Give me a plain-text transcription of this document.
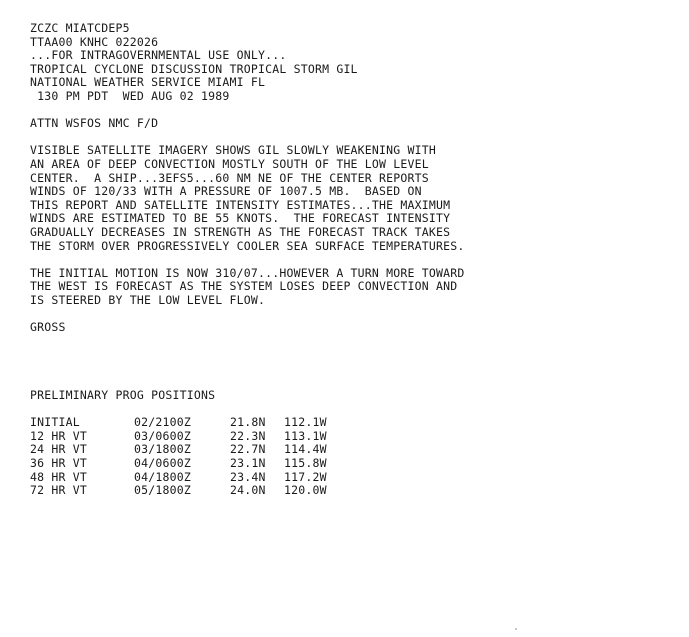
ZCZC MIATCDEP5
TTAA00 KNHC 022026
...FOR INTRAGOVERNMENTAL USE ONLY...
TROPICAL CYCLONE DISCUSSION TROPICAL STORM GIL
NATIONAL WEATHER SERVICE MIAMI FL
130 PM PDT  WED AUG 02 1989
ATTN WSFOS NMC F/D
VISIBLE SATELLITE IMAGERY SHOWS GIL SLOWLY WEAKENING WITH
AN AREA OF DEEP CONVECTION MOSTLY SOUTH OF THE LOW LEVEL
CENTER.  A SHIP...3EFS5...60 NM NE OF THE CENTER REPORTS
WINDS OF 120/33 WITH A PRESSURE OF 1007.5 MB.  BASED ON
THIS REPORT AND SATELLITE INTENSITY ESTIMATES...THE MAXIMUM
WINDS ARE ESTIMATED TO BE 55 KNOTS.  THE FORECAST INTENSITY
GRADUALLY DECREASES IN STRENGTH AS THE FORECAST TRACK TAKES
THE STORM OVER PROGRESSIVELY COOLER SEA SURFACE TEMPERATURES.
THE INITIAL MOTION IS NOW 310/07...HOWEVER A TURN MORE TOWARD
THE WEST IS FORECAST AS THE SYSTEM LOSES DEEP CONVECTION AND
IS STEERED BY THE LOW LEVEL FLOW.
GROSS
PRELIMINARY PROG POSITIONS
INITIAL	02/2100Z	21.8N	112.1W
12 HR VT	03/0600Z	22.3N	113.1W
24 HR VT	03/1800Z	22.7N	114.4W
36 HR VT	04/0600Z	23.1N	115.8W
48 HR VT	04/1800Z	23.4N	117.2W
72 HR VT	05/1800Z	24.0N	120.0W
